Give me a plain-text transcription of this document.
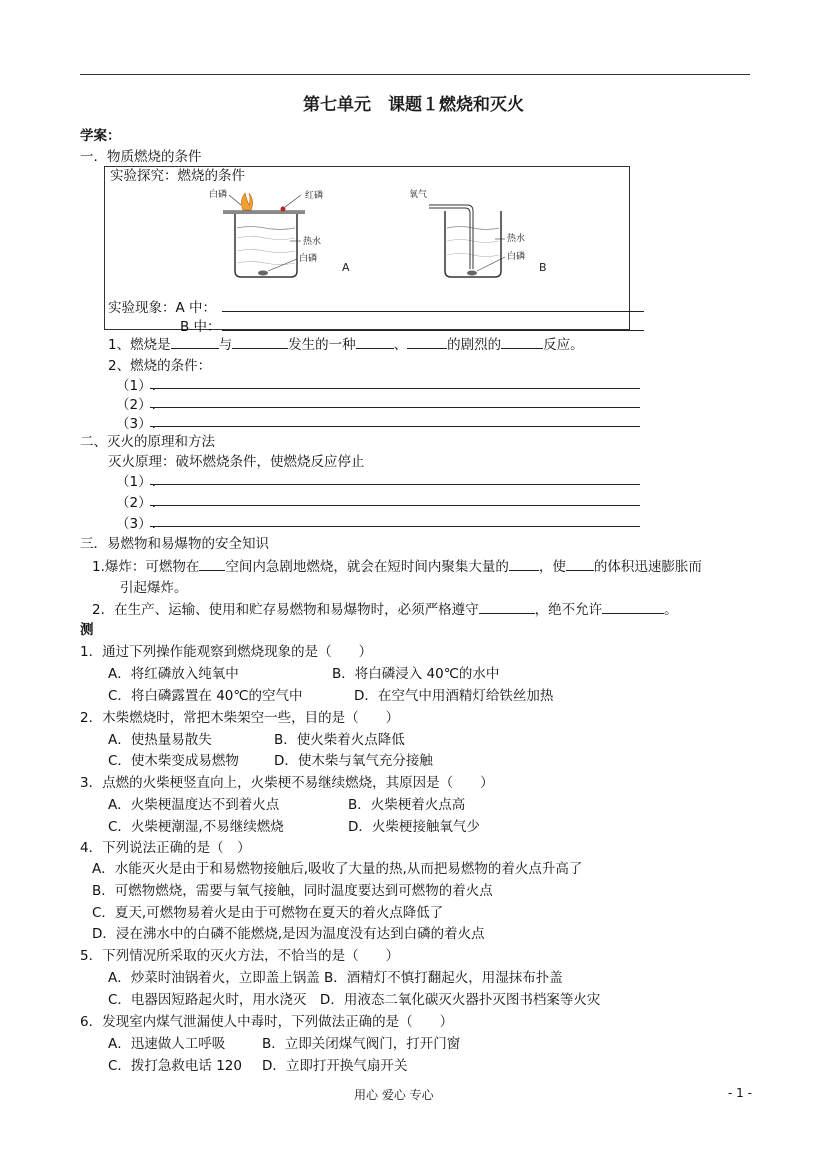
第七单元　课题１燃烧和灭火
学案：
一．物质燃烧的条件
实验探究：燃烧的条件
白磷	红磷
热水
白磷
A
氧气
热水
白磷
B
实验现象：A 中：
B 中：
1、燃烧是	与	发生的一种	、	的剧烈的	反应。
2、燃烧的条件：
（1）.
（2）.
（3）.
二、灭火的原理和方法
灭火原理：破坏燃烧条件，使燃烧反应停止
（1）.
（2）.
（3）.
三．易燃物和易爆物的安全知识
1.爆炸：可燃物在 空间内急剧地燃烧，就会在短时间内聚集大量的 ，使 的体积迅速膨胀而
引起爆炸。
2．在生产、运输、使用和贮存易燃物和易爆物时，必须严格遵守	，绝不允许	。
测
1．通过下列操作能观察到燃烧现象的是（　　）
A．将红磷放入纯氧中	B．将白磷浸入 40℃的水中
C．将白磷露置在 40℃的空气中	D．在空气中用酒精灯给铁丝加热
2．木柴燃烧时，常把木柴架空一些，目的是（　　）
A．使热量易散失	B．使火柴着火点降低
C．使木柴变成易燃物	D．使木柴与氧气充分接触
3．点燃的火柴梗竖直向上，火柴梗不易继续燃烧，其原因是（　　）
A．火柴梗温度达不到着火点	B．火柴梗着火点高
C．火柴梗潮湿,不易继续燃烧	D．火柴梗接触氧气少
4．下列说法正确的是（　）
A．水能灭火是由于和易燃物接触后,吸收了大量的热,从而把易燃物的着火点升高了
B．可燃物燃烧，需要与氧气接触，同时温度要达到可燃物的着火点
C．夏天,可燃物易着火是由于可燃物在夏天的着火点降低了
D．浸在沸水中的白磷不能燃烧,是因为温度没有达到白磷的着火点
5．下列情况所采取的灭火方法，不恰当的是（　　）
A．炒菜时油锅着火，立即盖上锅盖 B．酒精灯不慎打翻起火，用湿抹布扑盖
C．电器因短路起火时，用水浇灭　D．用液态二氧化碳灭火器扑灭图书档案等火灾
6．发现室内煤气泄漏使人中毒时，下列做法正确的是（　　）
A．迅速做人工呼吸	B．立即关闭煤气阀门，打开门窗
C．拨打急救电话 120 D．立即打开换气扇开关
用心 爱心 专心	- 1 -
